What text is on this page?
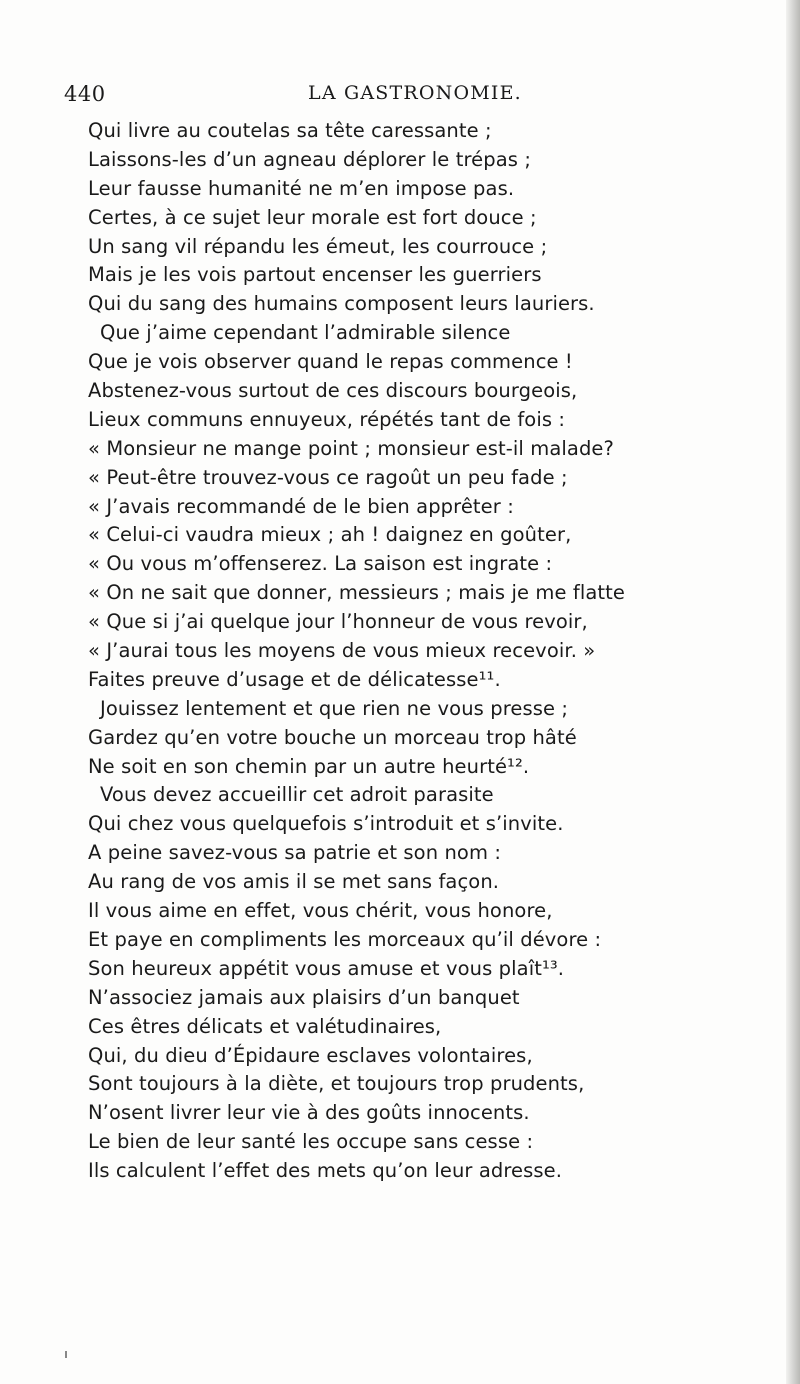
440	LA GASTRONOMIE.
Qui livre au coutelas sa tête caressante ;
Laissons-les d’un agneau déplorer le trépas ;
Leur fausse humanité ne m’en impose pas.
Certes, à ce sujet leur morale est fort douce ;
Un sang vil répandu les émeut, les courrouce ;
Mais je les vois partout encenser les guerriers
Qui du sang des humains composent leurs lauriers.
Que j’aime cependant l’admirable silence
Que je vois observer quand le repas commence !
Abstenez-vous surtout de ces discours bourgeois,
Lieux communs ennuyeux, répétés tant de fois :
« Monsieur ne mange point ; monsieur est-il malade?
« Peut-être trouvez-vous ce ragoût un peu fade ;
« J’avais recommandé de le bien apprêter :
« Celui-ci vaudra mieux ; ah ! daignez en goûter,
« Ou vous m’offenserez. La saison est ingrate :
« On ne sait que donner, messieurs ; mais je me flatte
« Que si j’ai quelque jour l’honneur de vous revoir,
« J’aurai tous les moyens de vous mieux recevoir. »
Faites preuve d’usage et de délicatesse¹¹.
Jouissez lentement et que rien ne vous presse ;
Gardez qu’en votre bouche un morceau trop hâté
Ne soit en son chemin par un autre heurté¹².
Vous devez accueillir cet adroit parasite
Qui chez vous quelquefois s’introduit et s’invite.
A peine savez-vous sa patrie et son nom :
Au rang de vos amis il se met sans façon.
Il vous aime en effet, vous chérit, vous honore,
Et paye en compliments les morceaux qu’il dévore :
Son heureux appétit vous amuse et vous plaît¹³.
N’associez jamais aux plaisirs d’un banquet
Ces êtres délicats et valétudinaires,
Qui, du dieu d’Épidaure esclaves volontaires,
Sont toujours à la diète, et toujours trop prudents,
N’osent livrer leur vie à des goûts innocents.
Le bien de leur santé les occupe sans cesse :
Ils calculent l’effet des mets qu’on leur adresse.
